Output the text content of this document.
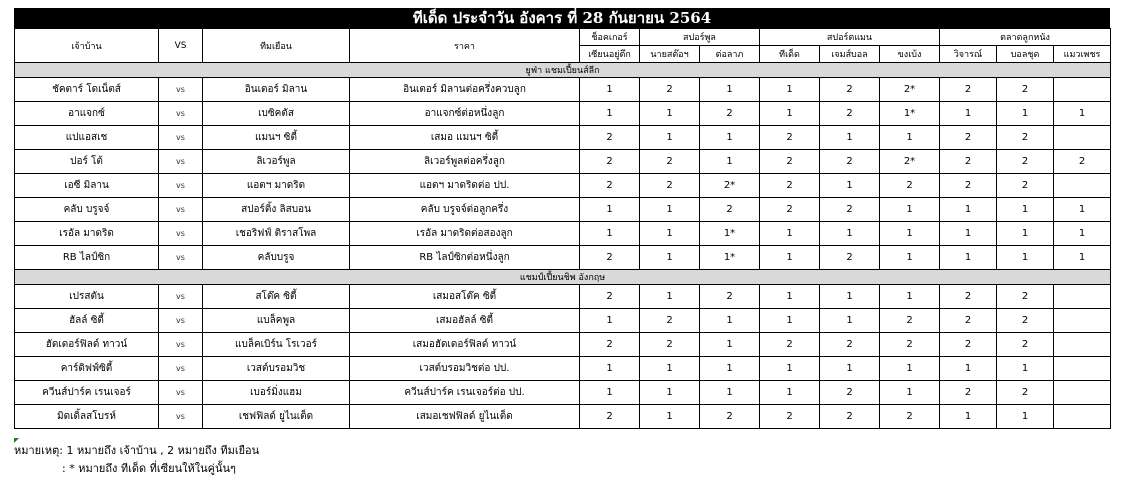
ทีเด็ด ประจำวัน อังคาร ที่ 28 กันยายน 2564
เจ้าบ้าน	VS	ทีมเยือน	ราคา	ช็อคเกอร์	สปอร์พูล		สปอร์ตแมน			ตลาดลูกหนัง		
				เซียนอยู่ตึก	นายสต๊อฯ	ต่อลาภ	ทีเด็ด	เจมส์บอล	ขงเบ้ง	วิจารณ์	บอลชุด	แมวเพชร
ยูฟ่า แชมเปี้ยนส์ลีก												
ชัคตาร์ โดเน็ตส์	vs	อินเตอร์ มิลาน	อินเตอร์ มิลานต่อครึ่งควบลูก	1	2	1	1	2	2*	2	2	
อาแจกซ์	vs	เบซิคตัส	อาแจกซ์ต่อหนึ่งลูก	1	1	2	1	2	1*	1	1	1
แปแอสเช	vs	แมนฯ ซิตี้	เสมอ แมนฯ ซิตี้	2	1	1	2	1	1	2	2	
ปอร์ โต้	vs	ลิเวอร์พูล	ลิเวอร์พูลต่อครึ่งลูก	2	2	1	2	2	2*	2	2	2
เอซี มิลาน	vs	แอตฯ มาดริด	แอตฯ มาดริดต่อ ปป.	2	2	2*	2	1	2	2	2	
คลับ บรูจจ์	vs	สปอร์ติ้ง ลิสบอน	คลับ บรูจจ์ต่อลูกครึ่ง	1	1	2	2	2	1	1	1	1
เรอัล มาดริด	vs	เชอริฟฟ์ ติราสโพล	เรอัล มาดริดต่อสองลูก	1	1	1*	1	1	1	1	1	1
RB ไลป์ซิก	vs	คลับบรูจ	RB ไลป์ซิกต่อหนึ่งลูก	2	1	1*	1	2	1	1	1	1
แชมป์เปี้ยนชิพ อังกฤษ												
เปรสตัน	vs	สโต๊ค ซิตี้	เสมอสโต๊ค ซิตี้	2	1	2	1	1	1	2	2	
ฮัลล์ ซิตี้	vs	แบล็คพูล	เสมอฮัลล์ ซิตี้	1	2	1	1	1	2	2	2	
ฮัดเดอร์ฟิลด์ ทาวน์	vs	แบล็คเบิร์น โรเวอร์	เสมอฮัดเดอร์ฟิลด์ ทาวน์	2	2	1	2	2	2	2	2	
คาร์ดิฟฟ์ซิตี้	vs	เวสต์บรอมวิช	เวสต์บรอมวิชต่อ ปป.	1	1	1	1	1	1	1	1	
ควีนส์ปาร์ค เรนเจอร์	vs	เบอร์มิ่งแฮม	ควีนส์ปาร์ค เรนเจอร์ต่อ ปป.	1	1	1	1	2	1	2	2	
มิดเดิ้ลสโบรห์	vs	เชฟฟิลด์ ยูไนเต็ด	เสมอเชฟฟิลด์ ยูไนเต็ด	2	1	2	2	2	2	1	1	
หมายเหตุ: 1 หมายถึง เจ้าบ้าน , 2 หมายถึง ทีมเยือน
: * หมายถึง ทีเด็ด ที่เซียนให้ในคู่นั้นๆ
